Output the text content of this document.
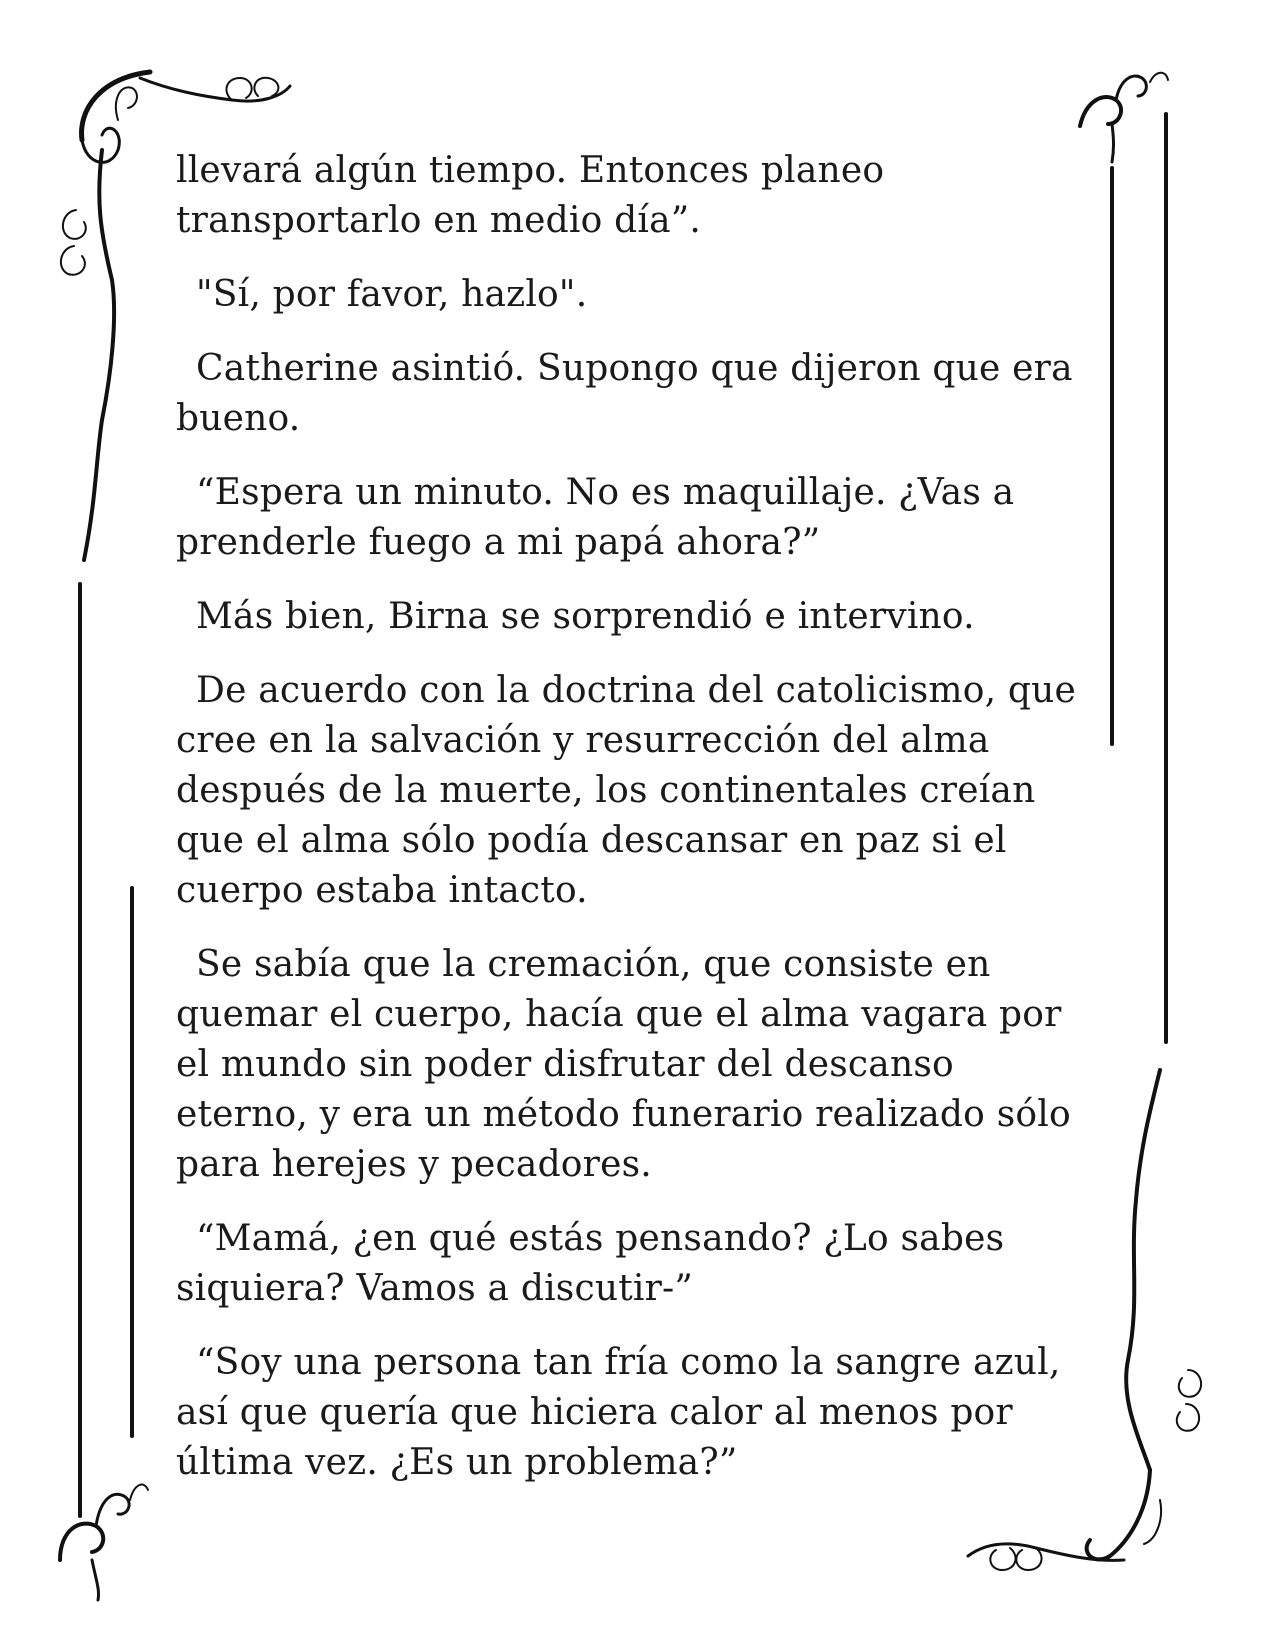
llevará algún tiempo. Entonces planeo
transportarlo en medio día”.

"Sí, por favor, hazlo".

Catherine asintió. Supongo que dijeron que era bueno.

“Espera un minuto. No es maquillaje. ¿Vas a prenderle fuego a mi papá ahora?”

Más bien, Birna se sorprendió e intervino.

De acuerdo con la doctrina del catolicismo, que cree en la salvación y resurrección del alma después de la muerte, los continentales creían que el alma sólo podía descansar en paz si el cuerpo estaba intacto.

Se sabía que la cremación, que consiste en quemar el cuerpo, hacía que el alma vagara por el mundo sin poder disfrutar del descanso eterno, y era un método funerario realizado sólo para herejes y pecadores.

“Mamá, ¿en qué estás pensando? ¿Lo sabes siquiera? Vamos a discutir-”

“Soy una persona tan fría como la sangre azul, así que quería que hiciera calor al menos por última vez. ¿Es un problema?”
